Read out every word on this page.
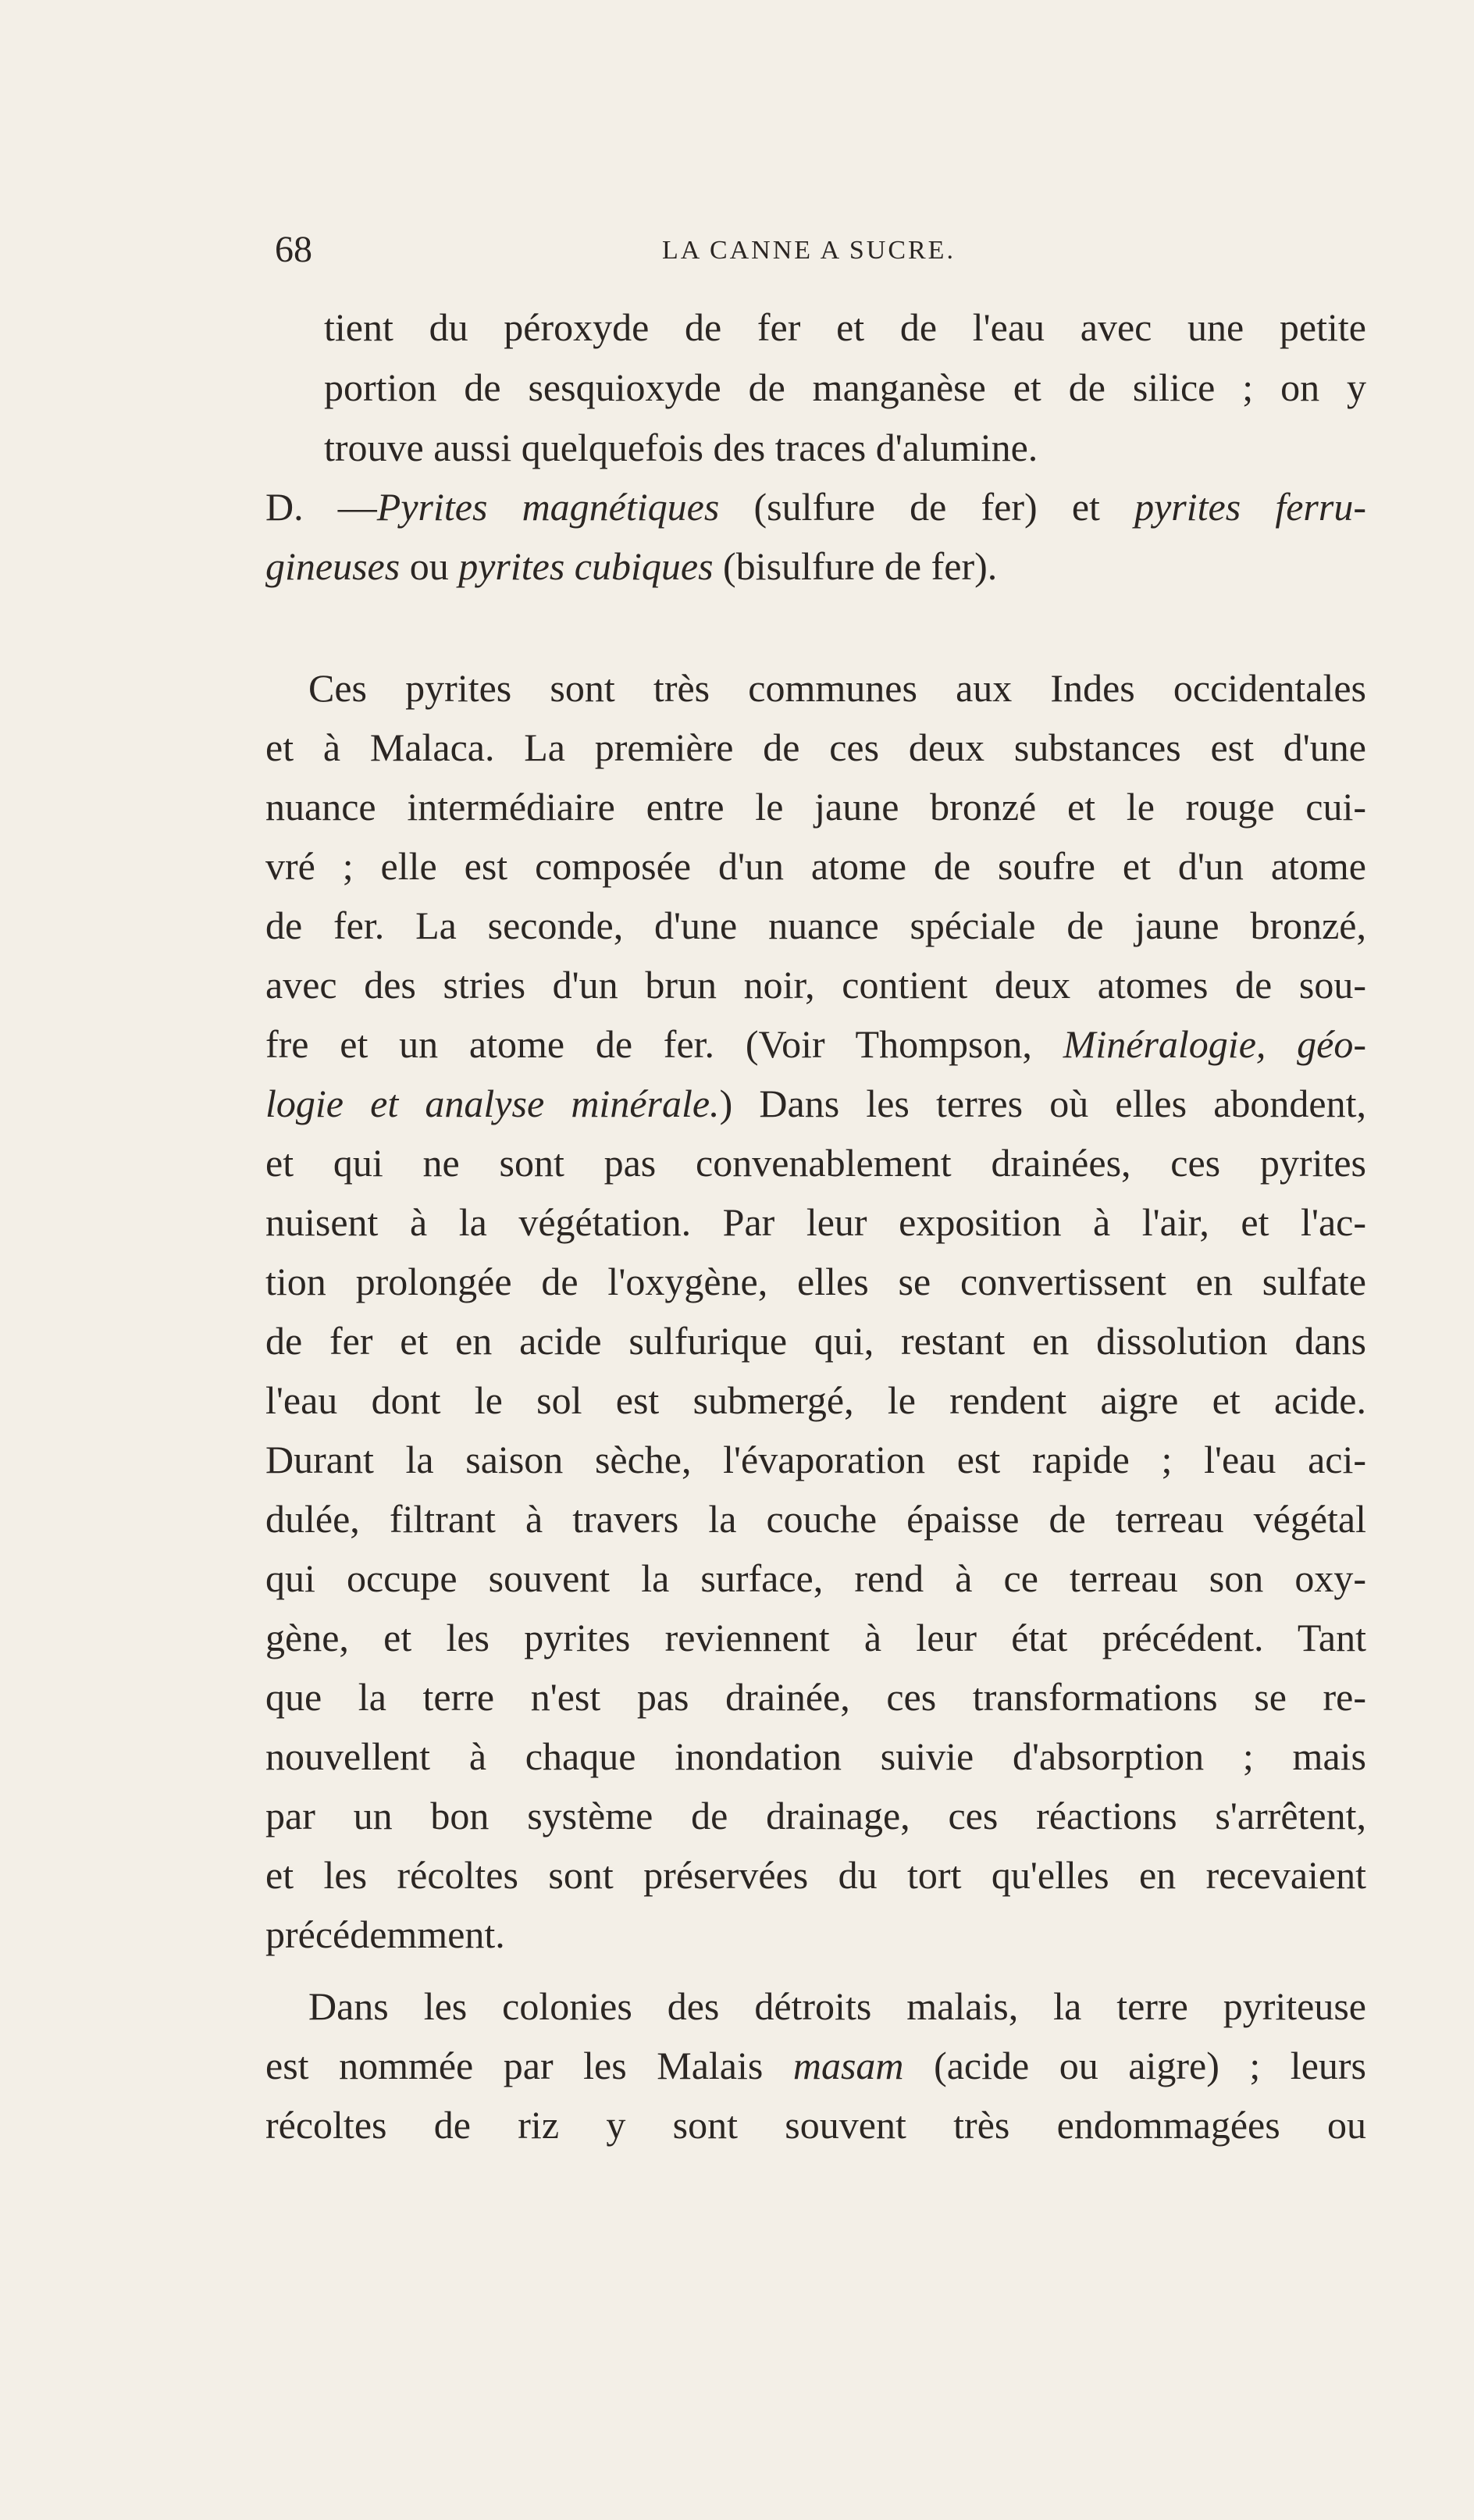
68	LA CANNE A SUCRE.
tient du péroxyde de fer et de l'eau avec une petite
portion de sesquioxyde de manganèse et de silice ; on y
trouve aussi quelquefois des traces d'alumine.
D. —Pyrites magnétiques (sulfure de fer) et pyrites ferru-
gineuses ou pyrites cubiques (bisulfure de fer).
Ces pyrites sont très communes aux Indes occidentales
et à Malaca. La première de ces deux substances est d'une
nuance intermédiaire entre le jaune bronzé et le rouge cui-
vré ; elle est composée d'un atome de soufre et d'un atome
de fer. La seconde, d'une nuance spéciale de jaune bronzé,
avec des stries d'un brun noir, contient deux atomes de sou-
fre et un atome de fer. (Voir Thompson, Minéralogie, géo-
logie et analyse minérale.) Dans les terres où elles abondent,
et qui ne sont pas convenablement drainées, ces pyrites
nuisent à la végétation. Par leur exposition à l'air, et l'ac-
tion prolongée de l'oxygène, elles se convertissent en sulfate
de fer et en acide sulfurique qui, restant en dissolution dans
l'eau dont le sol est submergé, le rendent aigre et acide.
Durant la saison sèche, l'évaporation est rapide ; l'eau aci-
dulée, filtrant à travers la couche épaisse de terreau végétal
qui occupe souvent la surface, rend à ce terreau son oxy-
gène, et les pyrites reviennent à leur état précédent. Tant
que la terre n'est pas drainée, ces transformations se re-
nouvellent à chaque inondation suivie d'absorption ; mais
par un bon système de drainage, ces réactions s'arrêtent,
et les récoltes sont préservées du tort qu'elles en recevaient
précédemment.
Dans les colonies des détroits malais, la terre pyriteuse
est nommée par les Malais masam (acide ou aigre) ; leurs
récoltes de riz y sont souvent très endommagées ou
